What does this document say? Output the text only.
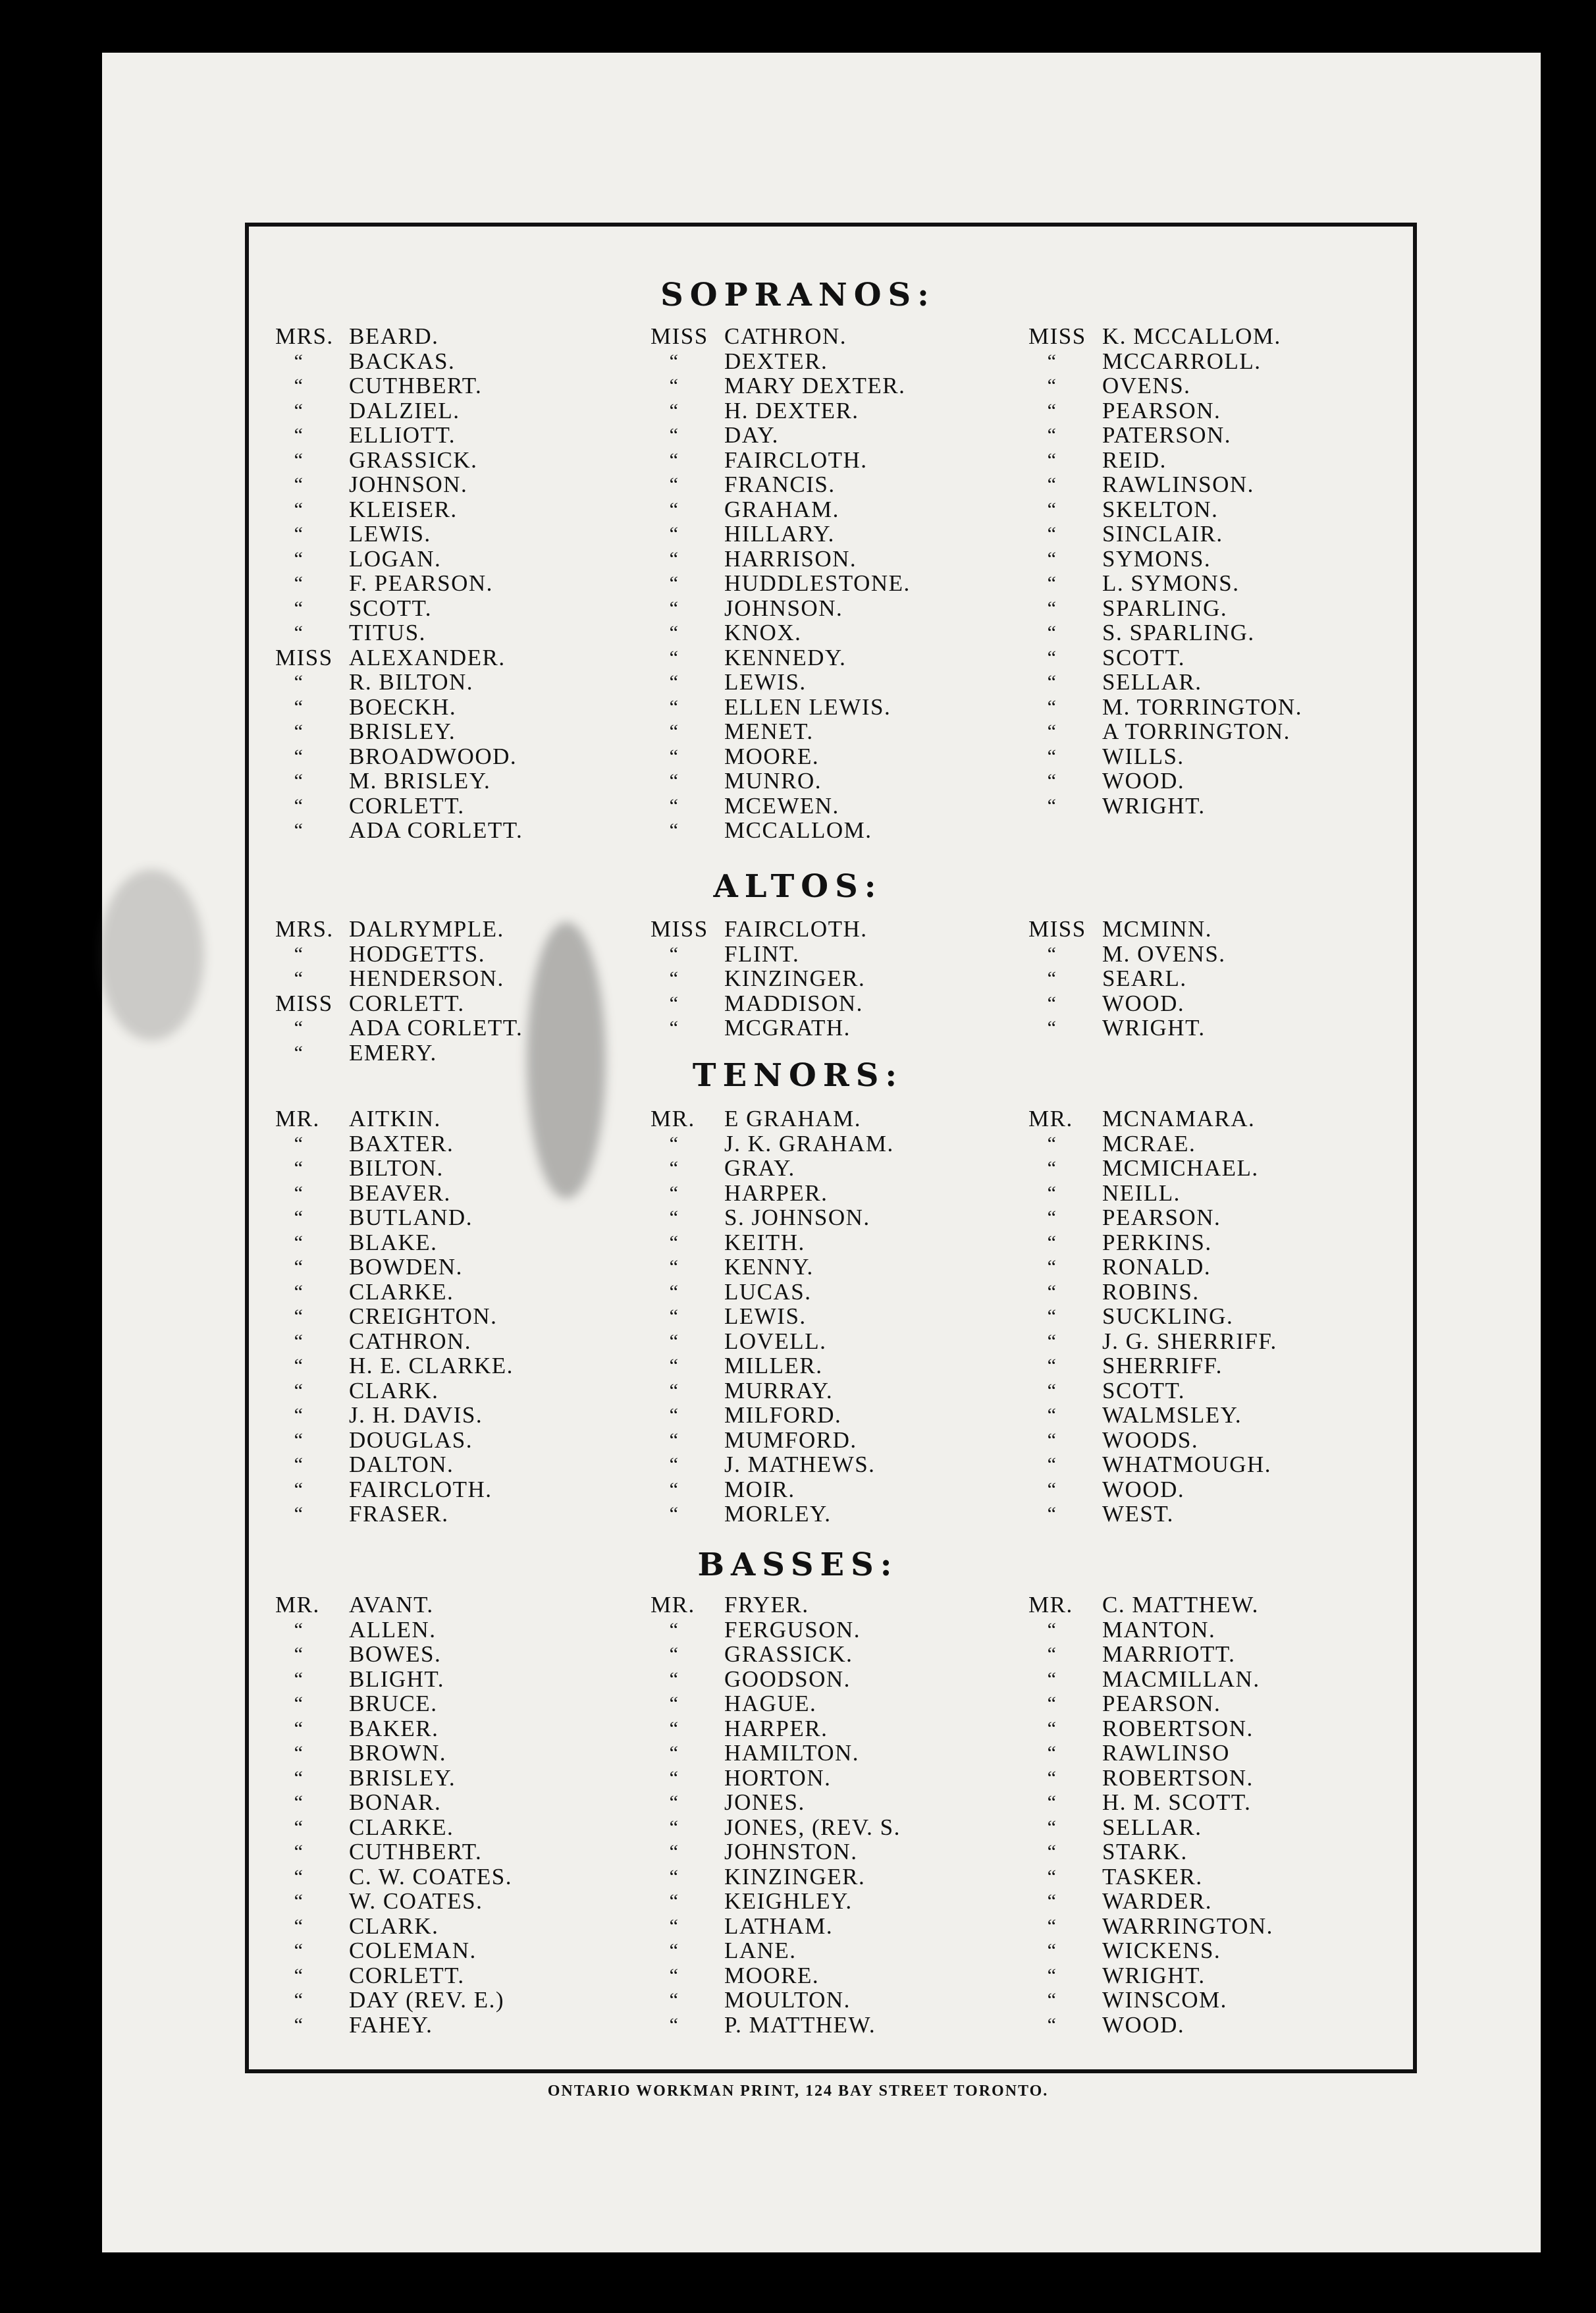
SOPRANOS:
ALTOS:
TENORS:
BASSES:
MRS. BEARD.
“	BACKAS.
“	CUTHBERT.
“	DALZIEL.
“	ELLIOTT.
“	GRASSICK.
“	JOHNSON.
“	KLEISER.
“	LEWIS.
“	LOGAN.
“	F. PEARSON.
“	SCOTT.
“	TITUS.
MISS ALEXANDER.
“	R. BILTON.
“	BOECKH.
“	BRISLEY.
“	BROADWOOD.
“	M. BRISLEY.
“	CORLETT.
“	ADA CORLETT.
MISS CATHRON.
“	DEXTER.
“	MARY DEXTER.
“	H. DEXTER.
“	DAY.
“	FAIRCLOTH.
“	FRANCIS.
“	GRAHAM.
“	HILLARY.
“	HARRISON.
“	HUDDLESTONE.
“	JOHNSON.
“	KNOX.
“	KENNEDY.
“	LEWIS.
“	ELLEN LEWIS.
“	MENET.
“	MOORE.
“	MUNRO.
“	MCEWEN.
“	MCCALLOM.
MISS K. MCCALLOM.
“	MCCARROLL.
“	OVENS.
“	PEARSON.
“	PATERSON.
“	REID.
“	RAWLINSON.
“	SKELTON.
“	SINCLAIR.
“	SYMONS.
“	L. SYMONS.
“	SPARLING.
“	S. SPARLING.
“	SCOTT.
“	SELLAR.
“	M. TORRINGTON.
“	A TORRINGTON.
“	WILLS.
“	WOOD.
“	WRIGHT.
MRS. DALRYMPLE.
“	HODGETTS.
“	HENDERSON.
MISS CORLETT.
“	ADA CORLETT.
“	EMERY.
MISS FAIRCLOTH.
“	FLINT.
“	KINZINGER.
“	MADDISON.
“	MCGRATH.
MISS MCMINN.
“	M. OVENS.
“	SEARL.
“	WOOD.
“	WRIGHT.
MR.	AITKIN.
“	BAXTER.
“	BILTON.
“	BEAVER.
“	BUTLAND.
“	BLAKE.
“	BOWDEN.
“	CLARKE.
“	CREIGHTON.
“	CATHRON.
“	H. E. CLARKE.
“	CLARK.
“	J. H. DAVIS.
“	DOUGLAS.
“	DALTON.
“	FAIRCLOTH.
“	FRASER.
MR.	E GRAHAM.
“	J. K. GRAHAM.
“	GRAY.
“	HARPER.
“	S. JOHNSON.
“	KEITH.
“	KENNY.
“	LUCAS.
“	LEWIS.
“	LOVELL.
“	MILLER.
“	MURRAY.
“	MILFORD.
“	MUMFORD.
“	J. MATHEWS.
“	MOIR.
“	MORLEY.
MR.	MCNAMARA.
“	MCRAE.
“	MCMICHAEL.
“	NEILL.
“	PEARSON.
“	PERKINS.
“	RONALD.
“	ROBINS.
“	SUCKLING.
“	J. G. SHERRIFF.
“	SHERRIFF.
“	SCOTT.
“	WALMSLEY.
“	WOODS.
“	WHATMOUGH.
“	WOOD.
“	WEST.
MR.	AVANT.
“	ALLEN.
“	BOWES.
“	BLIGHT.
“	BRUCE.
“	BAKER.
“	BROWN.
“	BRISLEY.
“	BONAR.
“	CLARKE.
“	CUTHBERT.
“	C. W. COATES.
“	W. COATES.
“	CLARK.
“	COLEMAN.
“	CORLETT.
“	DAY (REV. E.)
“	FAHEY.
MR.	FRYER.
“	FERGUSON.
“	GRASSICK.
“	GOODSON.
“	HAGUE.
“	HARPER.
“	HAMILTON.
“	HORTON.
“	JONES.
“	JONES, (REV. S.
“	JOHNSTON.
“	KINZINGER.
“	KEIGHLEY.
“	LATHAM.
“	LANE.
“	MOORE.
“	MOULTON.
“	P. MATTHEW.
MR.	C. MATTHEW.
“	MANTON.
“	MARRIOTT.
“	MACMILLAN.
“	PEARSON.
“	ROBERTSON.
“	RAWLINSO
“	ROBERTSON.
“	H. M. SCOTT.
“	SELLAR.
“	STARK.
“	TASKER.
“	WARDER.
“	WARRINGTON.
“	WICKENS.
“	WRIGHT.
“	WINSCOM.
“	WOOD.
ONTARIO WORKMAN PRINT, 124 BAY STREET TORONTO.
